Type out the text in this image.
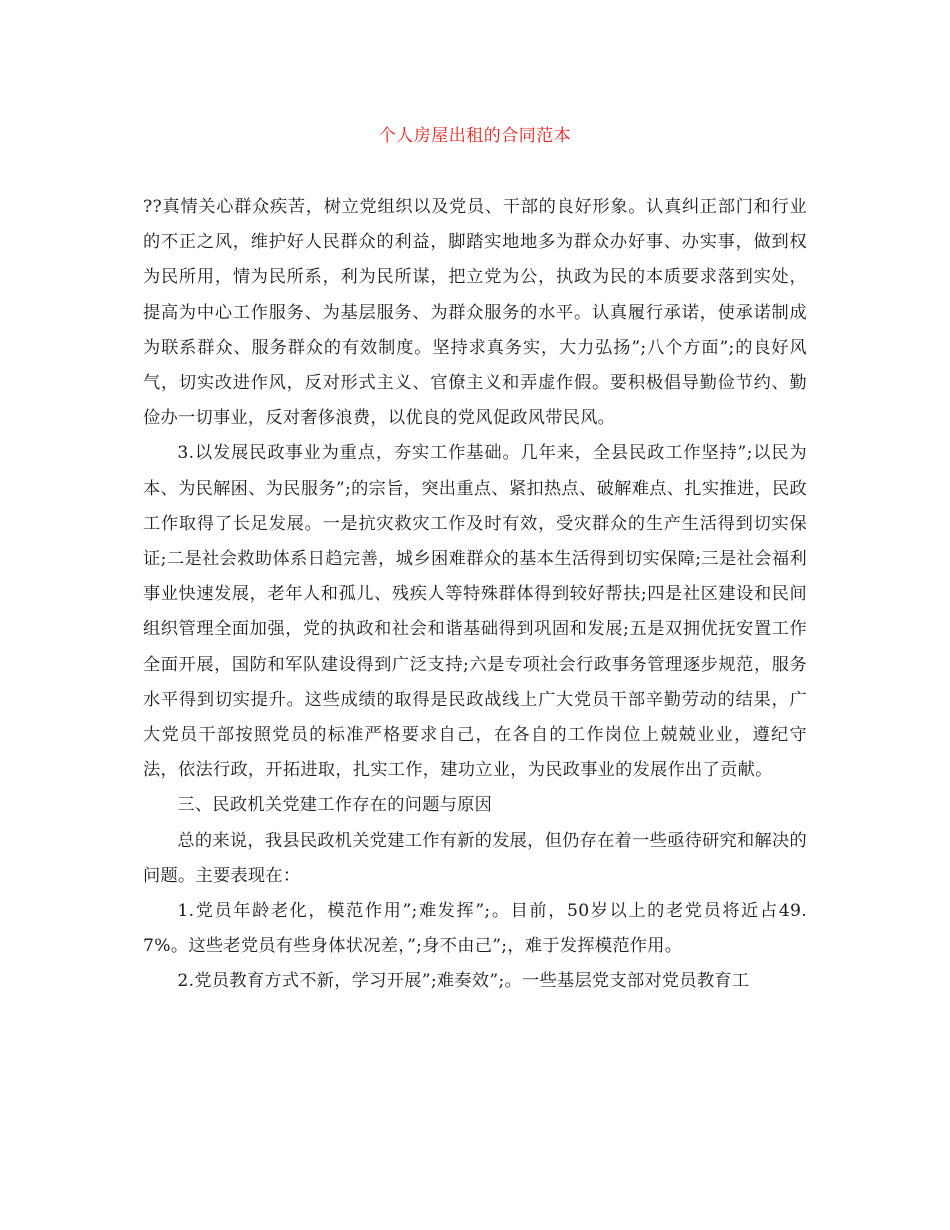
个人房屋出租的合同范本

??真情关心群众疾苦，树立党组织以及党员、干部的良好形象。认真纠正部门和行业的不正之风，维护好人民群众的利益，脚踏实地地多为群众办好事、办实事，做到权为民所用，情为民所系，利为民所谋，把立党为公，执政为民的本质要求落到实处，提高为中心工作服务、为基层服务、为群众服务的水平。认真履行承诺，使承诺制成为联系群众、服务群众的有效制度。坚持求真务实，大力弘扬”;八个方面”;的良好风气，切实改进作风，反对形式主义、官僚主义和弄虚作假。要积极倡导勤俭节约、勤俭办一切事业，反对奢侈浪费，以优良的党风促政风带民风。

3.以发展民政事业为重点，夯实工作基础。几年来，全县民政工作坚持”;以民为本、为民解困、为民服务”;的宗旨，突出重点、紧扣热点、破解难点、扎实推进，民政工作取得了长足发展。一是抗灾救灾工作及时有效，受灾群众的生产生活得到切实保证;二是社会救助体系日趋完善，城乡困难群众的基本生活得到切实保障;三是社会福利事业快速发展，老年人和孤儿、残疾人等特殊群体得到较好帮扶;四是社区建设和民间组织管理全面加强，党的执政和社会和谐基础得到巩固和发展;五是双拥优抚安置工作全面开展，国防和军队建设得到广泛支持;六是专项社会行政事务管理逐步规范，服务水平得到切实提升。这些成绩的取得是民政战线上广大党员干部辛勤劳动的结果，广大党员干部按照党员的标准严格要求自己，在各自的工作岗位上兢兢业业，遵纪守法，依法行政，开拓进取，扎实工作，建功立业，为民政事业的发展作出了贡献。

三、民政机关党建工作存在的问题与原因

总的来说，我县民政机关党建工作有新的发展，但仍存在着一些亟待研究和解决的问题。主要表现在：

1.党员年龄老化，模范作用”;难发挥”;。目前，50岁以上的老党员将近占49.7%。这些老党员有些身体状况差，”;身不由己”;，难于发挥模范作用。

2.党员教育方式不新，学习开展”;难奏效”;。一些基层党支部对党员教育工
